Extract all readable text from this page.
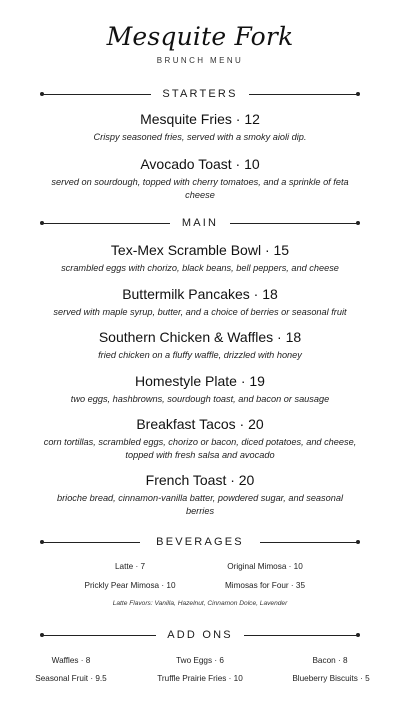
Mesquite Fork
BRUNCH MENU
STARTERS
Mesquite Fries · 12
Crispy seasoned fries, served with a smoky aioli dip.
Avocado Toast · 10
served on sourdough, topped with cherry tomatoes, and a sprinkle of feta cheese
MAIN
Tex-Mex Scramble Bowl · 15
scrambled eggs with chorizo, black beans, bell peppers, and cheese
Buttermilk Pancakes · 18
served with maple syrup, butter, and a choice of berries or seasonal fruit
Southern Chicken & Waffles · 18
fried chicken on a fluffy waffle, drizzled with honey
Homestyle Plate · 19
two eggs, hashbrowns, sourdough toast, and bacon or sausage
Breakfast Tacos · 20
corn tortillas, scrambled eggs, chorizo or bacon, diced potatoes, and cheese, topped with fresh salsa and avocado
French Toast · 20
brioche bread, cinnamon-vanilla batter, powdered sugar, and seasonal berries
BEVERAGES
Latte · 7	Original Mimosa · 10
Prickly Pear Mimosa · 10	Mimosas for Four · 35
Latte Flavors: Vanilla, Hazelnut, Cinnamon Dolce, Lavender
ADD ONS
Waffles · 8	Two Eggs · 6	Bacon · 8
Seasonal Fruit · 9.5	Truffle Prairie Fries · 10	Blueberry Biscuits · 5
